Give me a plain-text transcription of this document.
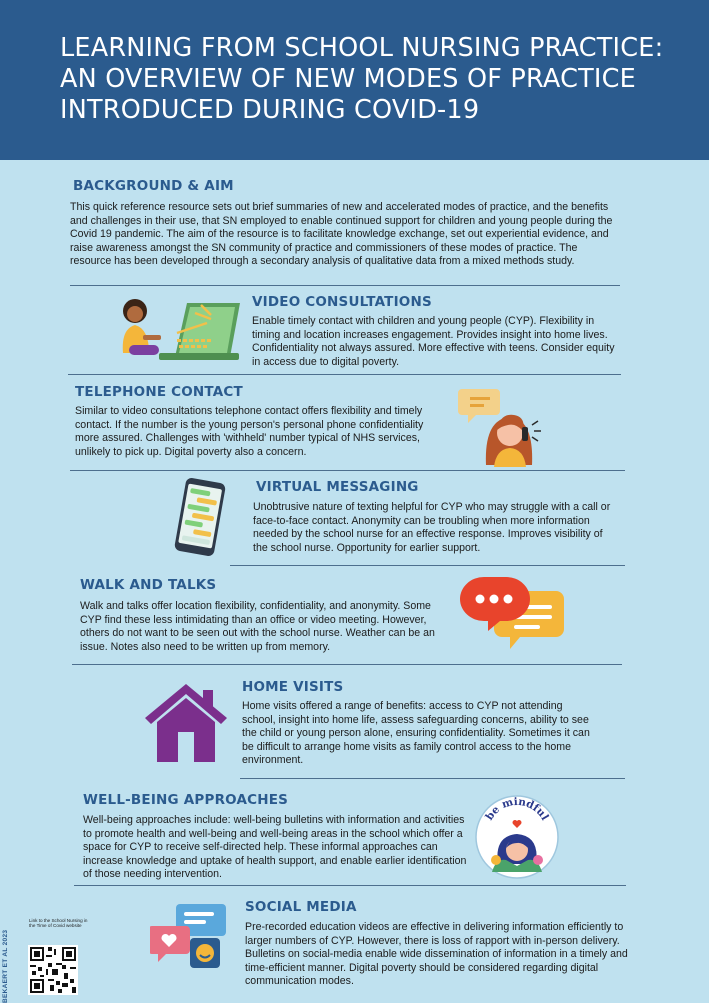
LEARNING FROM SCHOOL NURSING PRACTICE:
AN OVERVIEW OF NEW MODES OF PRACTICE
INTRODUCED DURING COVID-19
BACKGROUND & AIM

This quick reference resource sets out brief summaries of new and accelerated modes of practice, and the benefits and challenges in their use, that SN employed to enable continued support for children and young people during the Covid 19 pandemic. The aim of the resource is to facilitate knowledge exchange, set out experiential evidence, and raise awareness amongst the SN community of practice and commissioners of these modes of practice. The resource has been developed through a secondary analysis of qualitative data from a mixed methods study.

VIDEO CONSULTATIONS

Enable timely contact with children and young people (CYP). Flexibility in timing and location increases engagement. Provides insight into home lives. Confidentiality not always assured. More effective with teens. Consider equity in access due to digital poverty.

TELEPHONE CONTACT

Similar to video consultations telephone contact offers flexibility and timely contact. If the number is the young person's personal phone confidentiality more assured. Challenges with 'withheld' number typical of NHS services, unlikely to pick up. Digital poverty also a concern.

VIRTUAL MESSAGING

Unobtrusive nature of texting helpful for CYP who may struggle with a call or face-to-face contact. Anonymity can be troubling when more information needed by the school nurse for an effective response. Improves visibility of the school nurse. Opportunity for earlier support.

WALK AND TALKS

Walk and talks offer location flexibility, confidentiality, and anonymity. Some CYP find these less intimidating than an office or video meeting. However, others do not want to be seen out with the school nurse. Weather can be an issue. Notes also need to be written up from memory.

HOME VISITS

Home visits offered a range of benefits: access to CYP not attending school, insight into home life, assess safeguarding concerns, ability to see the child or young person alone, ensuring confidentiality. Sometimes it can be difficult to arrange home visits as family control access to the home environment.

WELL-BEING APPROACHES

Well-being approaches include: well-being bulletins with information and activities to promote health and well-being and well-being areas in the school which offer a space for CYP to receive self-directed help. These informal approaches can increase knowledge and uptake of health support, and enable earlier identification of those needing intervention.

be mindful
SOCIAL MEDIA

Pre-recorded education videos are effective in delivering information efficiently to larger numbers of CYP. However, there is loss of rapport with in-person delivery. Bulletins on social-media enable wide dissemination of information in a timely and time-efficient manner. Digital poverty should be considered regarding digital communication modes.

BEKAERT ET AL 2023
Link to the School Nursing in the Time of Covid website
